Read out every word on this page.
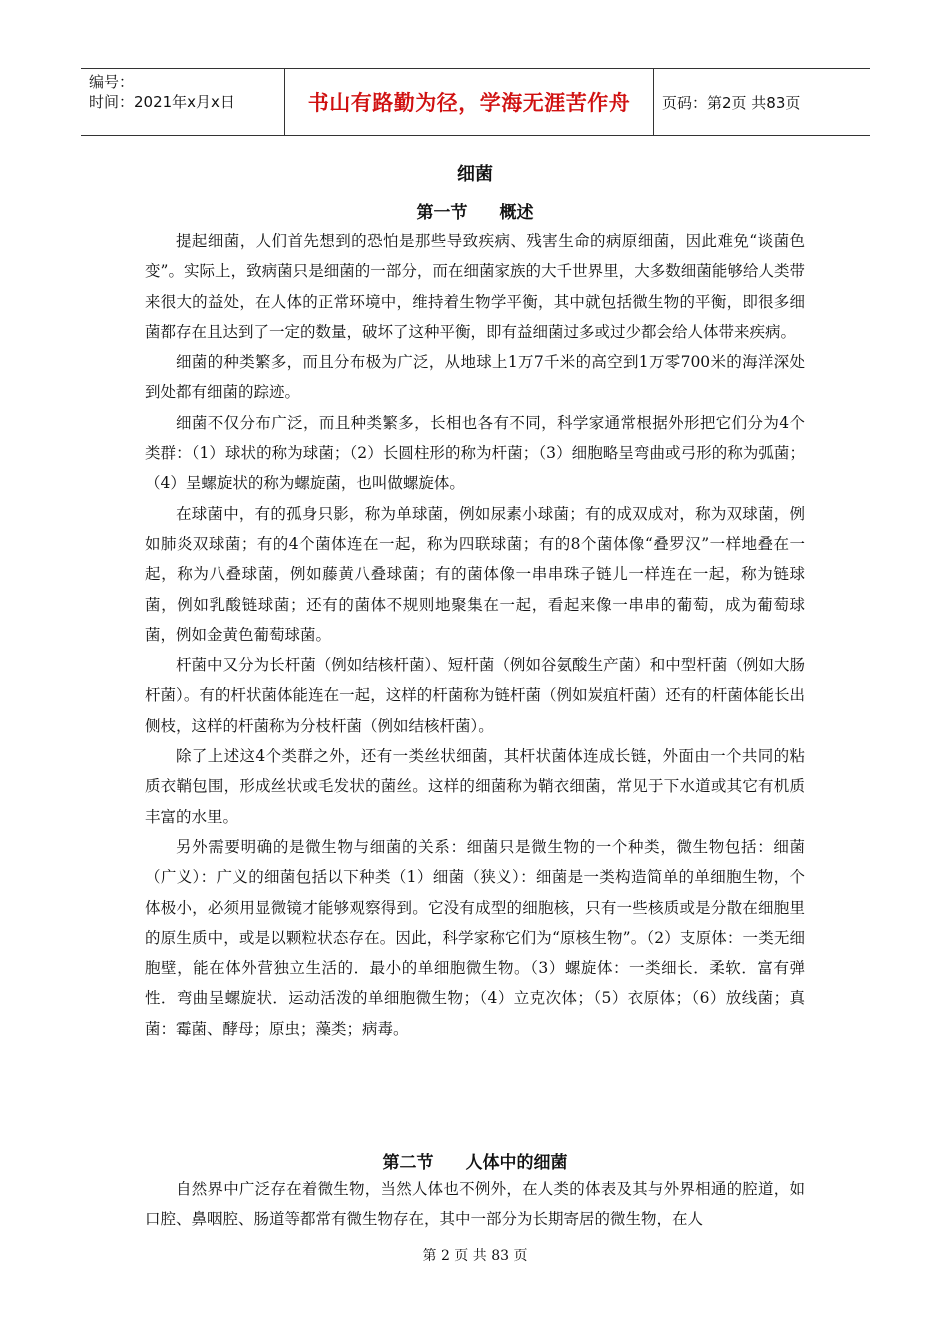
编号：
时间：2021年x月x日	书山有路勤为径，学海无涯苦作舟 页码：第2页 共83页
细菌
第一节 概述

提起细菌，人们首先想到的恐怕是那些导致疾病、残害生命的病原细菌，因此难免“谈菌色变”。实际上，致病菌只是细菌的一部分，而在细菌家族的大千世界里，大多数细菌能够给人类带来很大的益处，在人体的正常环境中，维持着生物学平衡，其中就包括微生物的平衡，即很多细菌都存在且达到了一定的数量，破坏了这种平衡，即有益细菌过多或过少都会给人体带来疾病。

细菌的种类繁多，而且分布极为广泛，从地球上1万7千米的高空到1万零700米的海洋深处到处都有细菌的踪迹。

细菌不仅分布广泛，而且种类繁多，长相也各有不同，科学家通常根据外形把它们分为4个类群：（1）球状的称为球菌；（2）长圆柱形的称为杆菌；（3）细胞略呈弯曲或弓形的称为弧菌；（4）呈螺旋状的称为螺旋菌，也叫做螺旋体。

在球菌中，有的孤身只影，称为单球菌，例如尿素小球菌；有的成双成对，称为双球菌，例如肺炎双球菌；有的4个菌体连在一起，称为四联球菌；有的8个菌体像“叠罗汉”一样地叠在一起，称为八叠球菌，例如藤黄八叠球菌；有的菌体像一串串珠子链儿一样连在一起，称为链球菌，例如乳酸链球菌；还有的菌体不规则地聚集在一起，看起来像一串串的葡萄，成为葡萄球菌，例如金黄色葡萄球菌。

杆菌中又分为长杆菌（例如结核杆菌）、短杆菌（例如谷氨酸生产菌）和中型杆菌（例如大肠杆菌）。有的杆状菌体能连在一起，这样的杆菌称为链杆菌（例如炭疽杆菌）还有的杆菌体能长出侧枝，这样的杆菌称为分枝杆菌（例如结核杆菌）。

除了上述这4个类群之外，还有一类丝状细菌，其杆状菌体连成长链，外面由一个共同的粘质衣鞘包围，形成丝状或毛发状的菌丝。这样的细菌称为鞘衣细菌，常见于下水道或其它有机质丰富的水里。

另外需要明确的是微生物与细菌的关系：细菌只是微生物的一个种类，微生物包括：细菌（广义）：广义的细菌包括以下种类（1）细菌（狭义）：细菌是一类构造简单的单细胞生物，个体极小，必须用显微镜才能够观察得到。它没有成型的细胞核，只有一些核质或是分散在细胞里的原生质中，或是以颗粒状态存在。因此，科学家称它们为“原核生物”。（2）支原体：一类无细胞壁，能在体外营独立生活的．最小的单细胞微生物。（3）螺旋体：一类细长．柔软．富有弹性．弯曲呈螺旋状．运动活泼的单细胞微生物；（4）立克次体；（5）衣原体；（6）放线菌；真菌：霉菌、酵母；原虫；藻类；病毒。

第二节 人体中的细菌

自然界中广泛存在着微生物，当然人体也不例外，在人类的体表及其与外界相通的腔道，如口腔、鼻咽腔、肠道等都常有微生物存在，其中一部分为长期寄居的微生物，在人

第 2 页 共 83 页
